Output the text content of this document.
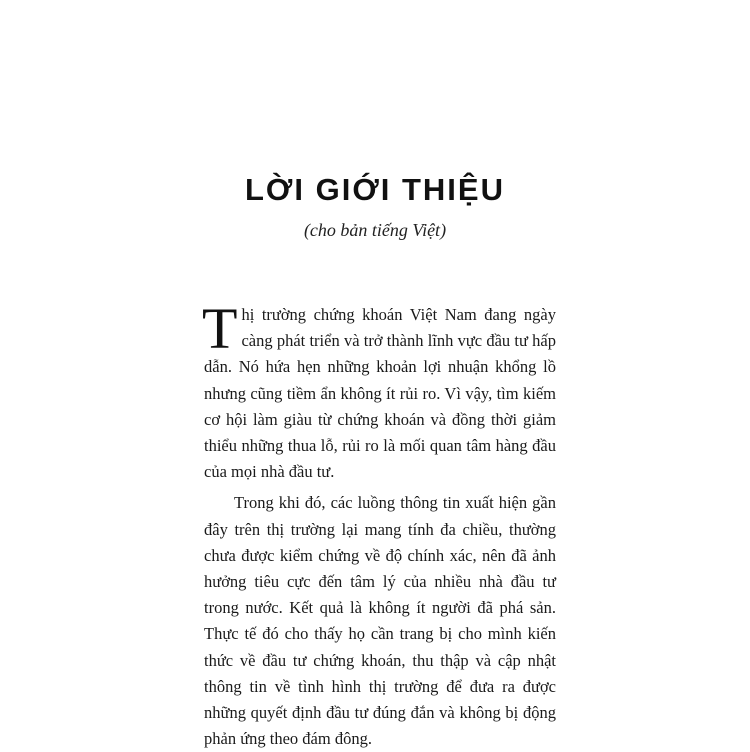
LỜI GIỚI THIỆU

(cho bản tiếng Việt)

Thị trường chứng khoán Việt Nam đang ngày càng phát triển và trở thành lĩnh vực đầu tư hấp dẫn. Nó hứa hẹn những khoản lợi nhuận khổng lồ nhưng cũng tiềm ẩn không ít rủi ro. Vì vậy, tìm kiếm cơ hội làm giàu từ chứng khoán và đồng thời giảm thiểu những thua lỗ, rủi ro là mối quan tâm hàng đầu của mọi nhà đầu tư.

Trong khi đó, các luồng thông tin xuất hiện gần đây trên thị trường lại mang tính đa chiều, thường chưa được kiểm chứng về độ chính xác, nên đã ảnh hưởng tiêu cực đến tâm lý của nhiều nhà đầu tư trong nước. Kết quả là không ít người đã phá sản. Thực tế đó cho thấy họ cần trang bị cho mình kiến thức về đầu tư chứng khoán, thu thập và cập nhật thông tin về tình hình thị trường để đưa ra được những quyết định đầu tư đúng đắn và không bị động phản ứng theo đám đông.
